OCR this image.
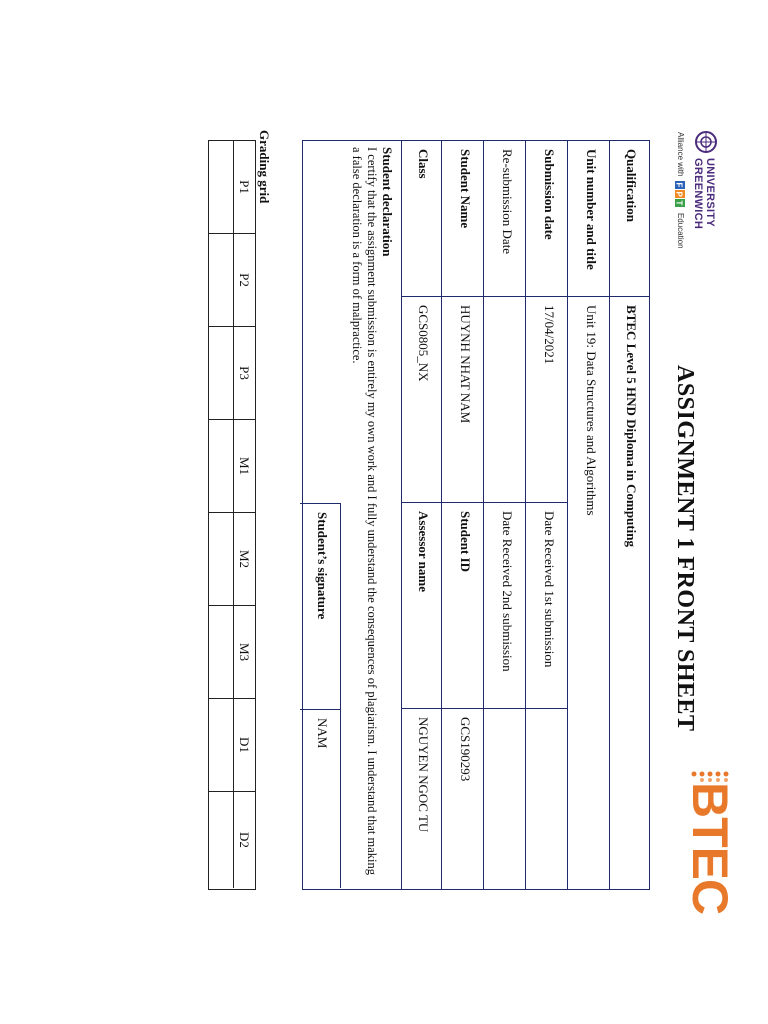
UNIVERSITY
GREENWICH
Alliance with
F
P
T
Education
BTEC
ASSIGNMENT 1 FRONT SHEET
Qualification
BTEC Level 5 HND Diploma in Computing
Unit number and title
Unit 19: Data Structures and Algorithms
Submission date
17/04/2021
Date Received 1st submission
Re-submission Date
Date Received 2nd submission
Student Name
HUYNH NHAT NAM
Student ID
GCS190293
Class
GCS0805_NX
Assessor name
NGUYEN NGOC TU
Student declaration
I certify that the assignment submission is entirely my own work and I fully understand the consequences of plagiarism. I understand that making a false declaration is a form of malpractice.
Student’s signature
NAM
Grading grid
P1
P2
P3
M1
M2
M3
D1
D2
